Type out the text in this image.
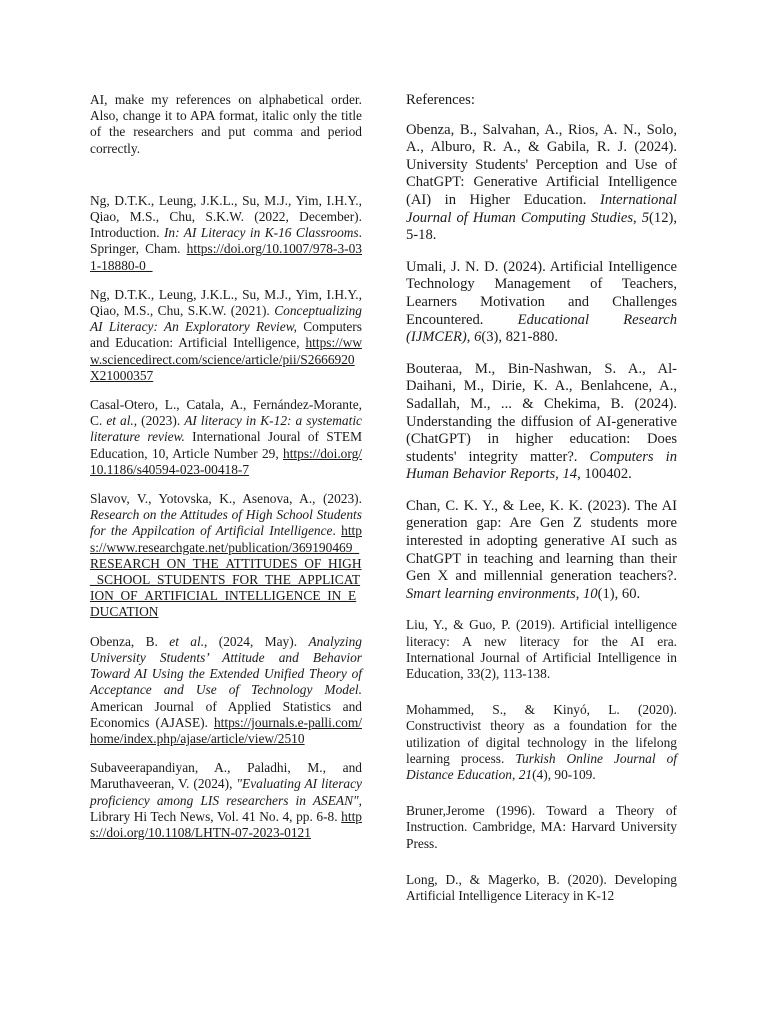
AI, make my references on alphabetical order. Also, change it to APA format, italic only the title of the researchers and put comma and period correctly.

Ng, D.T.K., Leung, J.K.L., Su, M.J., Yim, I.H.Y., Qiao, M.S., Chu, S.K.W. (2022, December). Introduction. In: AI Literacy in K-16 Classrooms. Springer, Cham. https://doi.org/10.1007/978-3-031-18880-0_

Ng, D.T.K., Leung, J.K.L., Su, M.J., Yim, I.H.Y., Qiao, M.S., Chu, S.K.W. (2021). Conceptualizing AI Literacy: An Exploratory Review, Computers and Education: Artificial Intelligence, https://www.sciencedirect.com/science/article/pii/S2666920X21000357

Casal-Otero, L., Catala, A., Fernández-Morante, C. et al., (2023). AI literacy in K-12: a systematic literature review. International Joural of STEM Education, 10, Article Number 29, https://doi.org/10.1186/s40594-023-00418-7

Slavov, V., Yotovska, K., Asenova, A., (2023). Research on the Attitudes of High School Students for the Appilcation of Artificial Intelligence. https://www.researchgate.net/publication/369190469_RESEARCH_ON_THE_ATTITUDES_OF_HIGH_SCHOOL_STUDENTS_FOR_THE_APPLICATION_OF_ARTIFICIAL_INTELLIGENCE_IN_EDUCATION

Obenza, B. et al., (2024, May). Analyzing University Students’ Attitude and Behavior Toward AI Using the Extended Unified Theory of Acceptance and Use of Technology Model. American Journal of Applied Statistics and Economics (AJASE). https://journals.e-palli.com/home/index.php/ajase/article/view/2510

Subaveerapandiyan, A., Paladhi, M., and Maruthaveeran, V. (2024), "Evaluating AI literacy proficiency among LIS researchers in ASEAN", Library Hi Tech News, Vol. 41 No. 4, pp. 6-8. https://doi.org/10.1108/LHTN-07-2023-0121

References:

Obenza, B., Salvahan, A., Rios, A. N., Solo, A., Alburo, R. A., & Gabila, R. J. (2024). University Students' Perception and Use of ChatGPT: Generative Artificial Intelligence (AI) in Higher Education. International Journal of Human Computing Studies, 5(12), 5-18.

Umali, J. N. D. (2024). Artificial Intelligence Technology Management of Teachers, Learners Motivation and Challenges Encountered. Educational Research (IJMCER), 6(3), 821-880.

Bouteraa, M., Bin-Nashwan, S. A., Al-Daihani, M., Dirie, K. A., Benlahcene, A., Sadallah, M., ... & Chekima, B. (2024). Understanding the diffusion of AI-generative (ChatGPT) in higher education: Does students' integrity matter?. Computers in Human Behavior Reports, 14, 100402.

Chan, C. K. Y., & Lee, K. K. (2023). The AI generation gap: Are Gen Z students more interested in adopting generative AI such as ChatGPT in teaching and learning than their Gen X and millennial generation teachers?. Smart learning environments, 10(1), 60.

Liu, Y., & Guo, P. (2019). Artificial intelligence literacy: A new literacy for the AI era. International Journal of Artificial Intelligence in Education, 33(2), 113-138.

Mohammed, S., & Kinyó, L. (2020). Constructivist theory as a foundation for the utilization of digital technology in the lifelong learning process. Turkish Online Journal of Distance Education, 21(4), 90-109.

Bruner,Jerome (1996). Toward a Theory of Instruction. Cambridge, MA: Harvard University Press.

Long, D., & Magerko, B. (2020). Developing Artificial Intelligence Literacy in K-12
